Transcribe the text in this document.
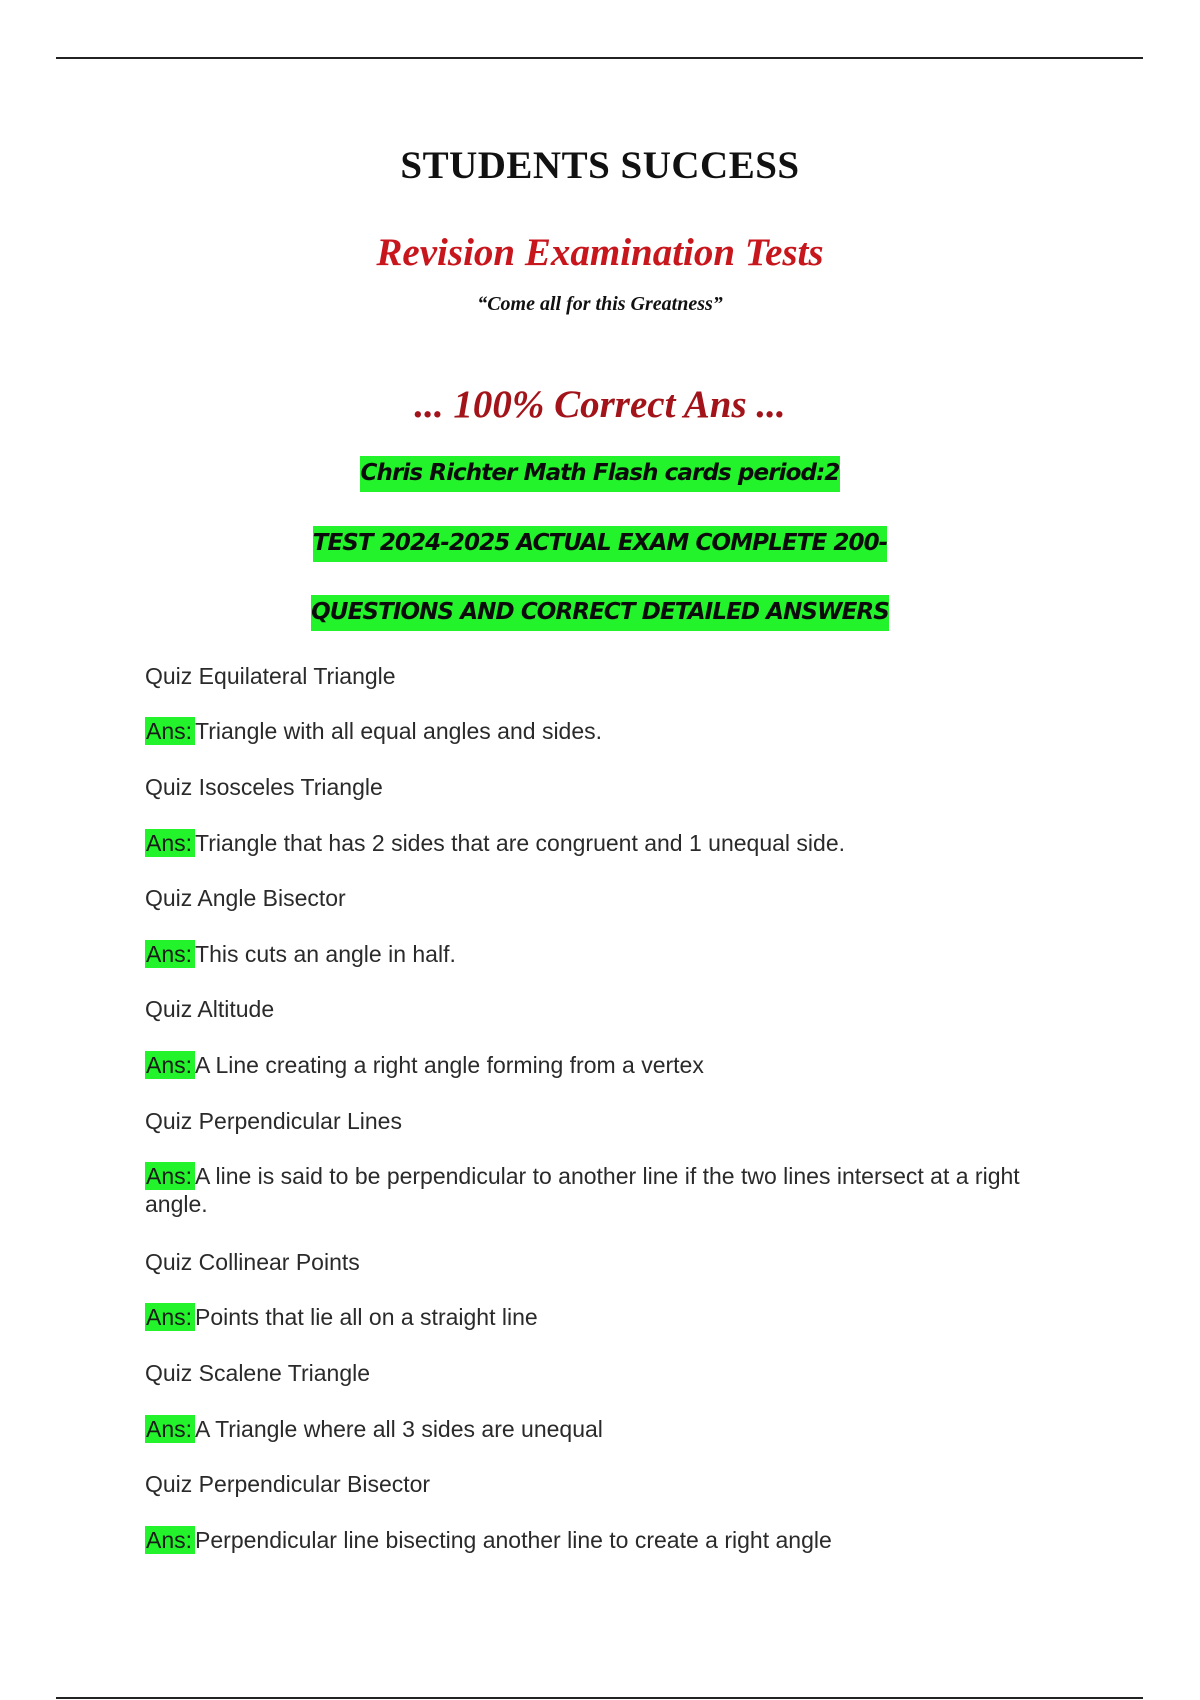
STUDENTS SUCCESS
Revision Examination Tests
“Come all for this Greatness”
... 100% Correct Ans ...
Chris Richter Math Flash cards period:2
TEST 2024-2025 ACTUAL EXAM COMPLETE 200-
QUESTIONS AND CORRECT DETAILED ANSWERS
Quiz Equilateral Triangle
Ans: Triangle with all equal angles and sides.
Quiz Isosceles Triangle
Ans: Triangle that has 2 sides that are congruent and 1 unequal side.
Quiz Angle Bisector
Ans: This cuts an angle in half.
Quiz Altitude
Ans: A Line creating a right angle forming from a vertex
Quiz Perpendicular Lines
Ans: A line is said to be perpendicular to another line if the two lines intersect at a right angle.
Quiz Collinear Points
Ans: Points that lie all on a straight line
Quiz Scalene Triangle
Ans: A Triangle where all 3 sides are unequal
Quiz Perpendicular Bisector
Ans: Perpendicular line bisecting another line to create a right angle
